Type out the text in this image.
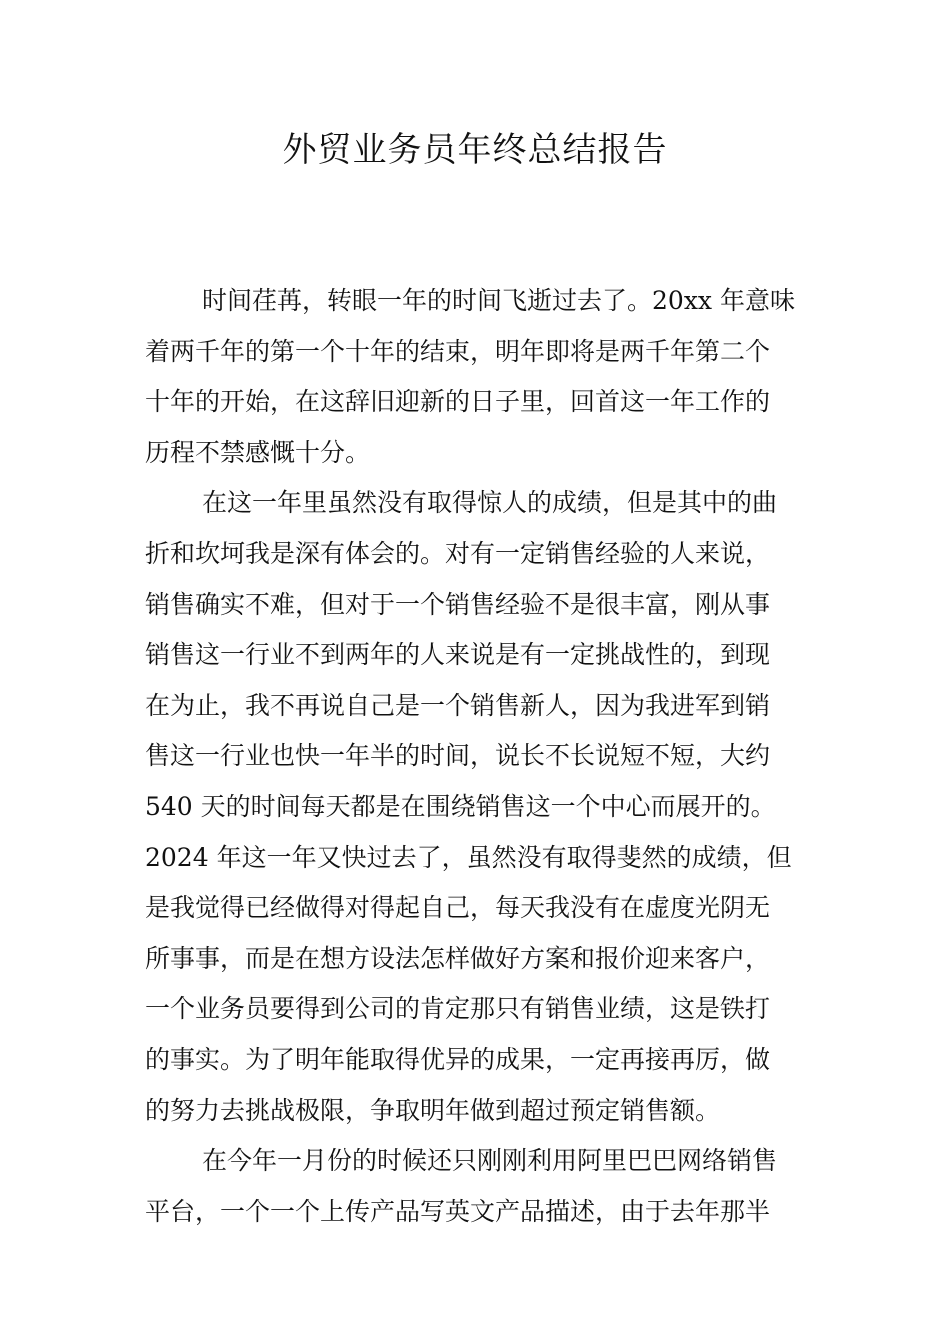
外贸业务员年终总结报告
时间荏苒，转眼一年的时间飞逝过去了。20xx 年意味
着两千年的第一个十年的结束，明年即将是两千年第二个
十年的开始，在这辞旧迎新的日子里，回首这一年工作的
历程不禁感慨十分。
在这一年里虽然没有取得惊人的成绩，但是其中的曲
折和坎坷我是深有体会的。对有一定销售经验的人来说，
销售确实不难，但对于一个销售经验不是很丰富，刚从事
销售这一行业不到两年的人来说是有一定挑战性的，到现
在为止，我不再说自己是一个销售新人，因为我进军到销
售这一行业也快一年半的时间，说长不长说短不短，大约
540 天的时间每天都是在围绕销售这一个中心而展开的。
2024 年这一年又快过去了，虽然没有取得斐然的成绩，但
是我觉得已经做得对得起自己，每天我没有在虚度光阴无
所事事，而是在想方设法怎样做好方案和报价迎来客户，
一个业务员要得到公司的肯定那只有销售业绩，这是铁打
的事实。为了明年能取得优异的成果，一定再接再厉，做
的努力去挑战极限，争取明年做到超过预定销售额。
在今年一月份的时候还只刚刚利用阿里巴巴网络销售
平台，一个一个上传产品写英文产品描述，由于去年那半
